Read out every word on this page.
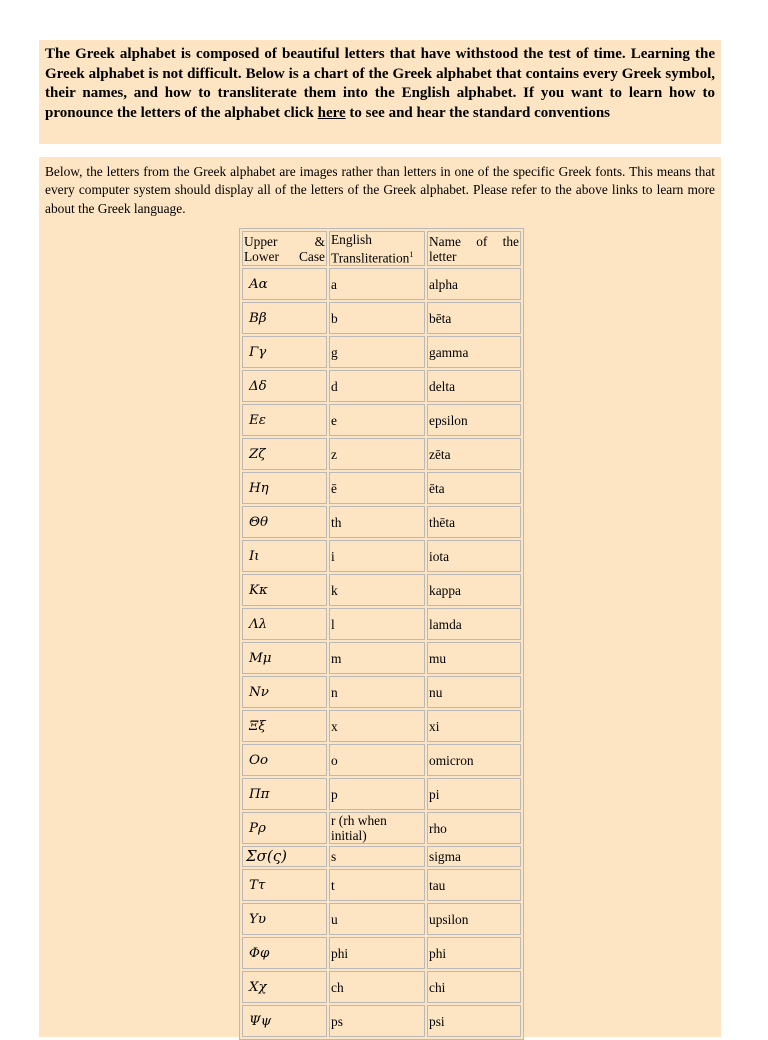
The Greek alphabet is composed of beautiful letters that have withstood the test of time. Learning the Greek alphabet is not difficult. Below is a chart of the Greek alphabet that contains every Greek symbol, their names, and how to transliterate them into the English alphabet. If you want to learn how to pronounce the letters of the alphabet click here to see and hear the standard conventions

Below, the letters from the Greek alphabet are images rather than letters in one of the specific Greek fonts. This means that every computer system should display all of the letters of the Greek alphabet. Please refer to the above links to learn more about the Greek language.

Upper & Lower Case	English Transliteration$^1$	Name of the letter
Αα	a	alpha
Ββ	b	bēta
Γγ	g	gamma
Δδ	d	delta
Εε	e	epsilon
Ζζ	z	zēta
Ηη	ē	ēta
Θθ	th	thēta
Ιι	i	iota
Κκ	k	kappa
Λλ	l	lamda
Μμ	m	mu
Νν	n	nu
Ξξ	x	xi
Οο	o	omicron
Ππ	p	pi
Ρρ	r (rh when initial)	rho
Σσ(ς)	s	sigma
Ττ	t	tau
Υυ	u	upsilon
Φφ	phi	phi
Χχ	ch	chi
Ψψ	ps	psi
